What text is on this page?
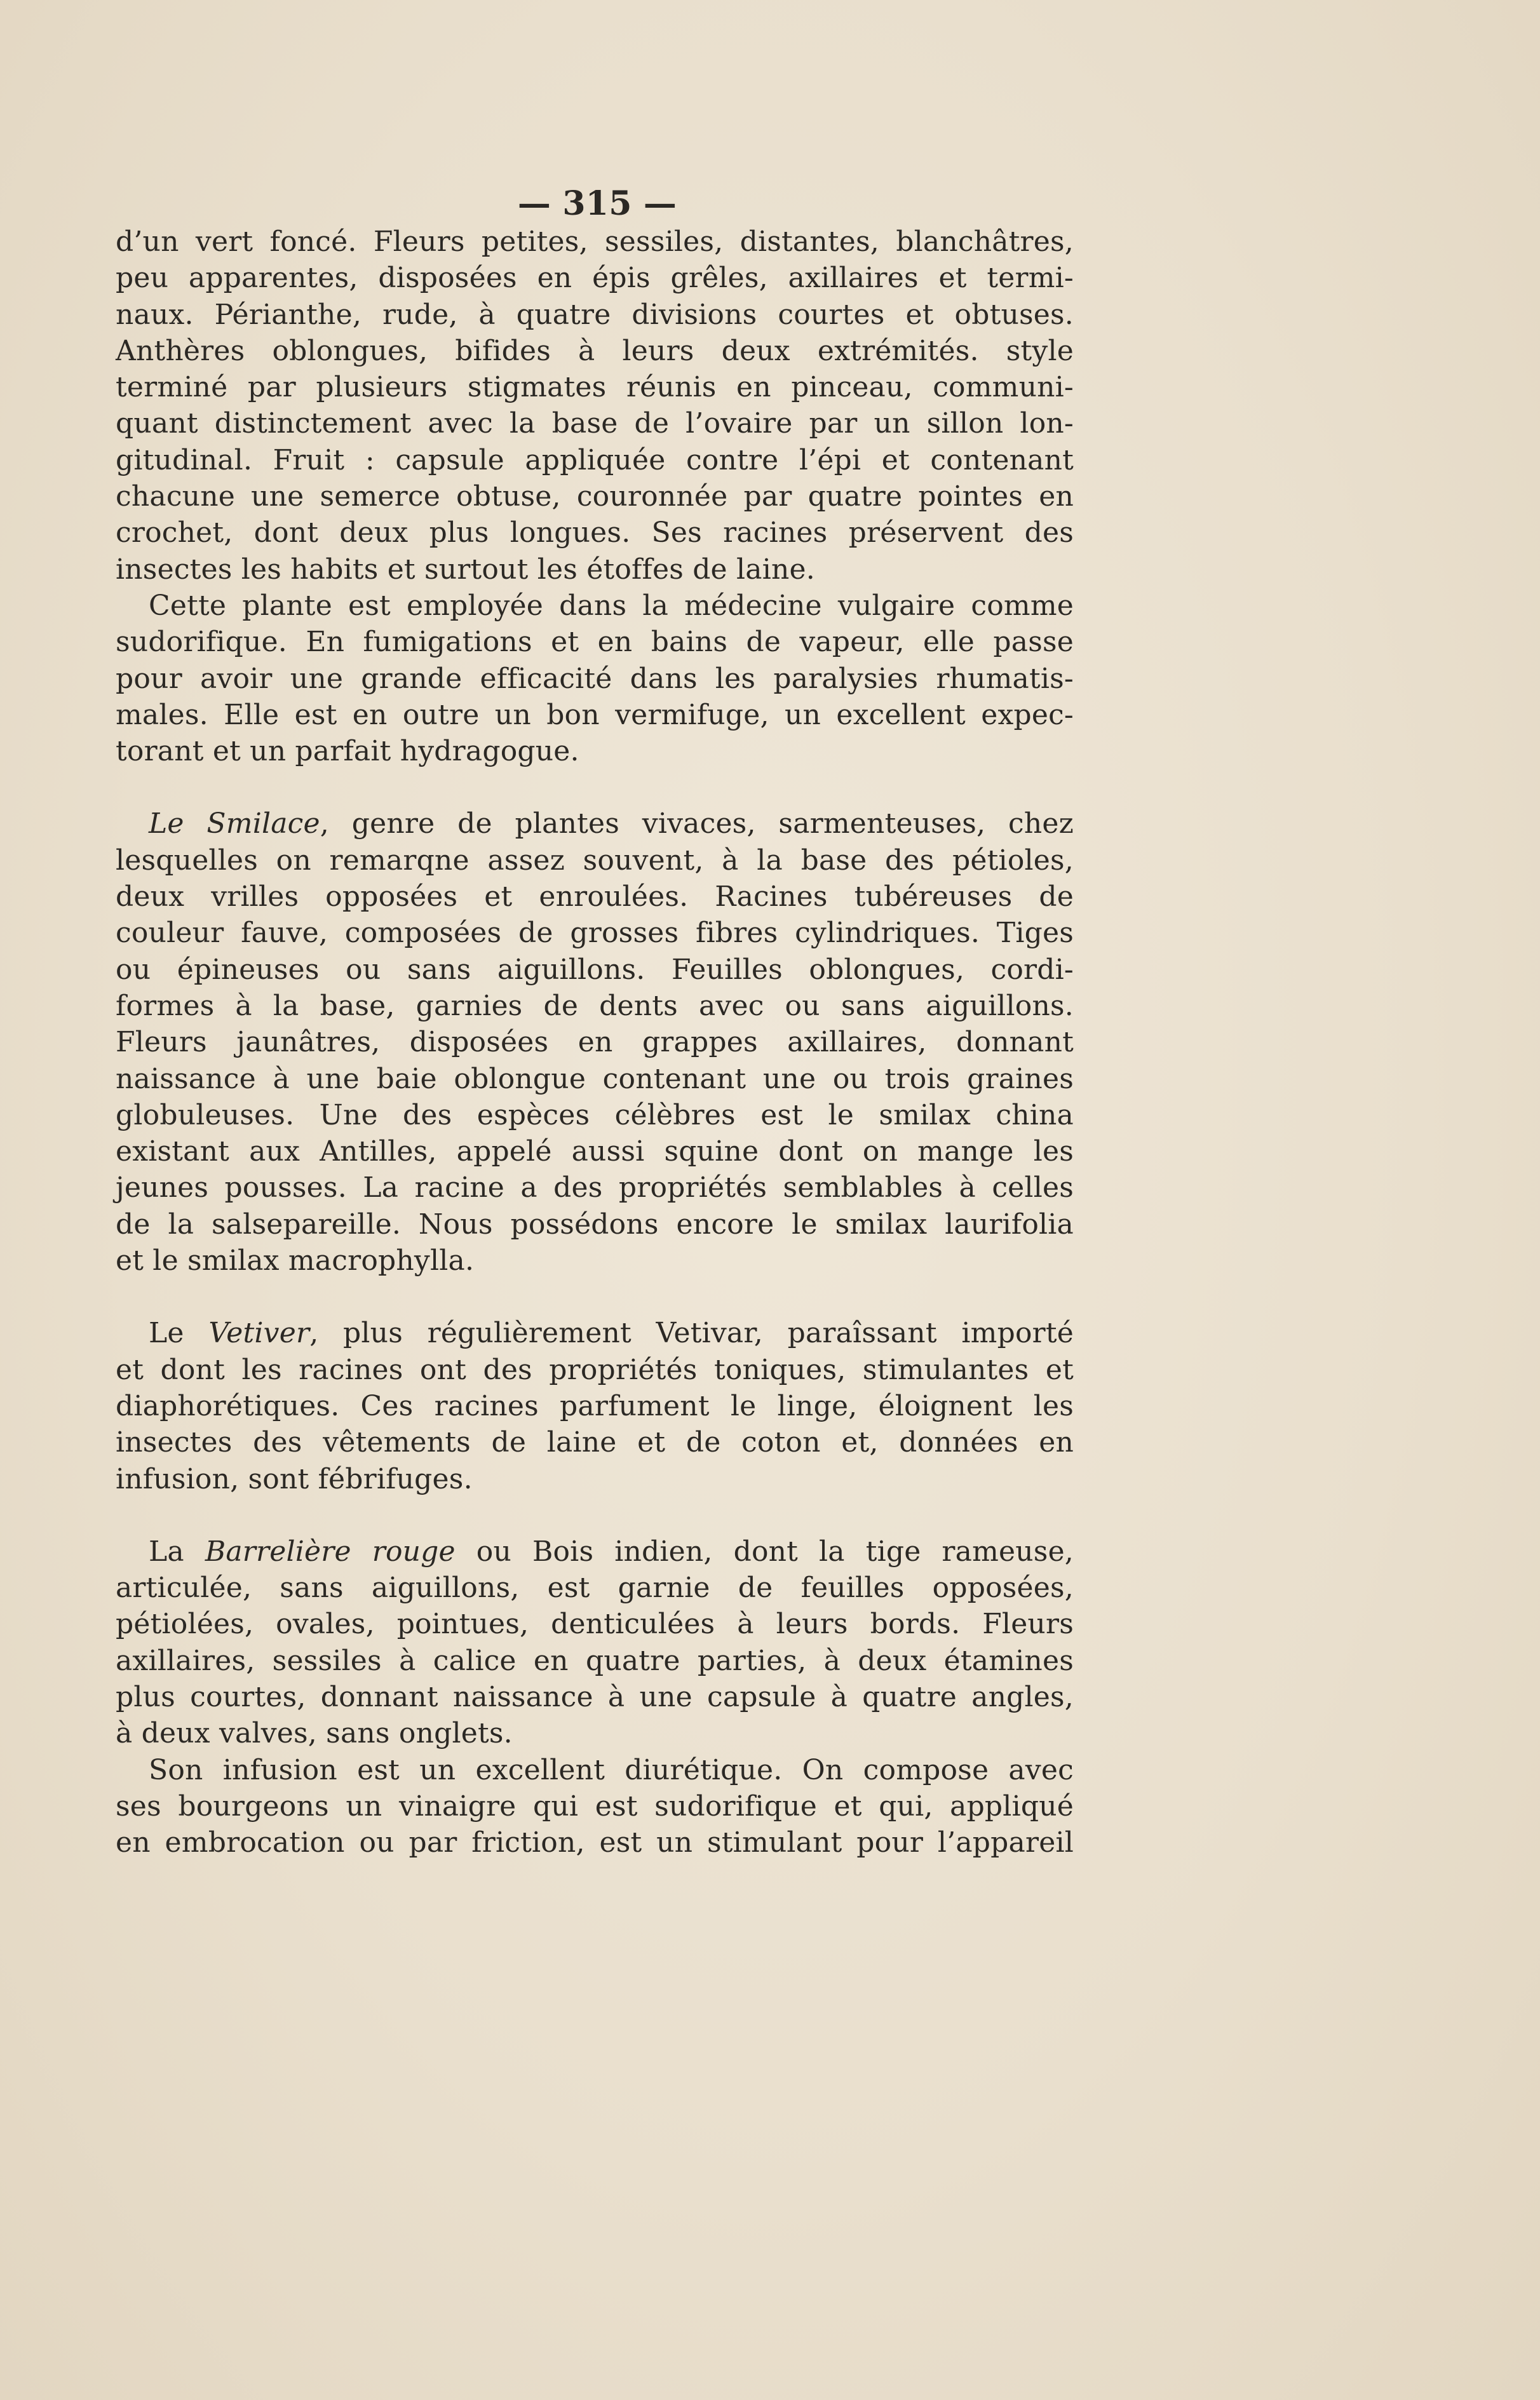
— 315 —
d’un vert foncé. Fleurs petites, sessiles, distantes, blanchâtres,
peu apparentes, disposées en épis grêles, axillaires et termi-
naux. Périanthe, rude, à quatre divisions courtes et obtuses.
Anthères oblongues, bifides à leurs deux extrémités. style
terminé par plusieurs stigmates réunis en pinceau, communi-
quant distinctement avec la base de l’ovaire par un sillon lon-
gitudinal. Fruit : capsule appliquée contre l’épi et contenant
chacune une semerce obtuse, couronnée par quatre pointes en
crochet, dont deux plus longues. Ses racines préservent des
insectes les habits et surtout les étoffes de laine.
Cette plante est employée dans la médecine vulgaire comme
sudorifique. En fumigations et en bains de vapeur, elle passe
pour avoir une grande efficacité dans les paralysies rhumatis-
males. Elle est en outre un bon vermifuge, un excellent expec-
torant et un parfait hydragogue.
Le Smilace, genre de plantes vivaces, sarmenteuses, chez
lesquelles on remarqne assez souvent, à la base des pétioles,
deux vrilles opposées et enroulées. Racines tubéreuses de
couleur fauve, composées de grosses fibres cylindriques. Tiges
ou épineuses ou sans aiguillons. Feuilles oblongues, cordi-
formes à la base, garnies de dents avec ou sans aiguillons.
Fleurs jaunâtres, disposées en grappes axillaires, donnant
naissance à une baie oblongue contenant une ou trois graines
globuleuses. Une des espèces célèbres est le smilax china
existant aux Antilles, appelé aussi squine dont on mange les
jeunes pousses. La racine a des propriétés semblables à celles
de la salsepareille. Nous possédons encore le smilax laurifolia
et le smilax macrophylla.
Le Vetiver, plus régulièrement Vetivar, paraîssant importé
et dont les racines ont des propriétés toniques, stimulantes et
diaphorétiques. Ces racines parfument le linge, éloignent les
insectes des vêtements de laine et de coton et, données en
infusion, sont fébrifuges.
La Barrelière rouge ou Bois indien, dont la tige rameuse,
articulée, sans aiguillons, est garnie de feuilles opposées,
pétiolées, ovales, pointues, denticulées à leurs bords. Fleurs
axillaires, sessiles à calice en quatre parties, à deux étamines
plus courtes, donnant naissance à une capsule à quatre angles,
à deux valves, sans onglets.
Son infusion est un excellent diurétique. On compose avec
ses bourgeons un vinaigre qui est sudorifique et qui, appliqué
en embrocation ou par friction, est un stimulant pour l’appareil
